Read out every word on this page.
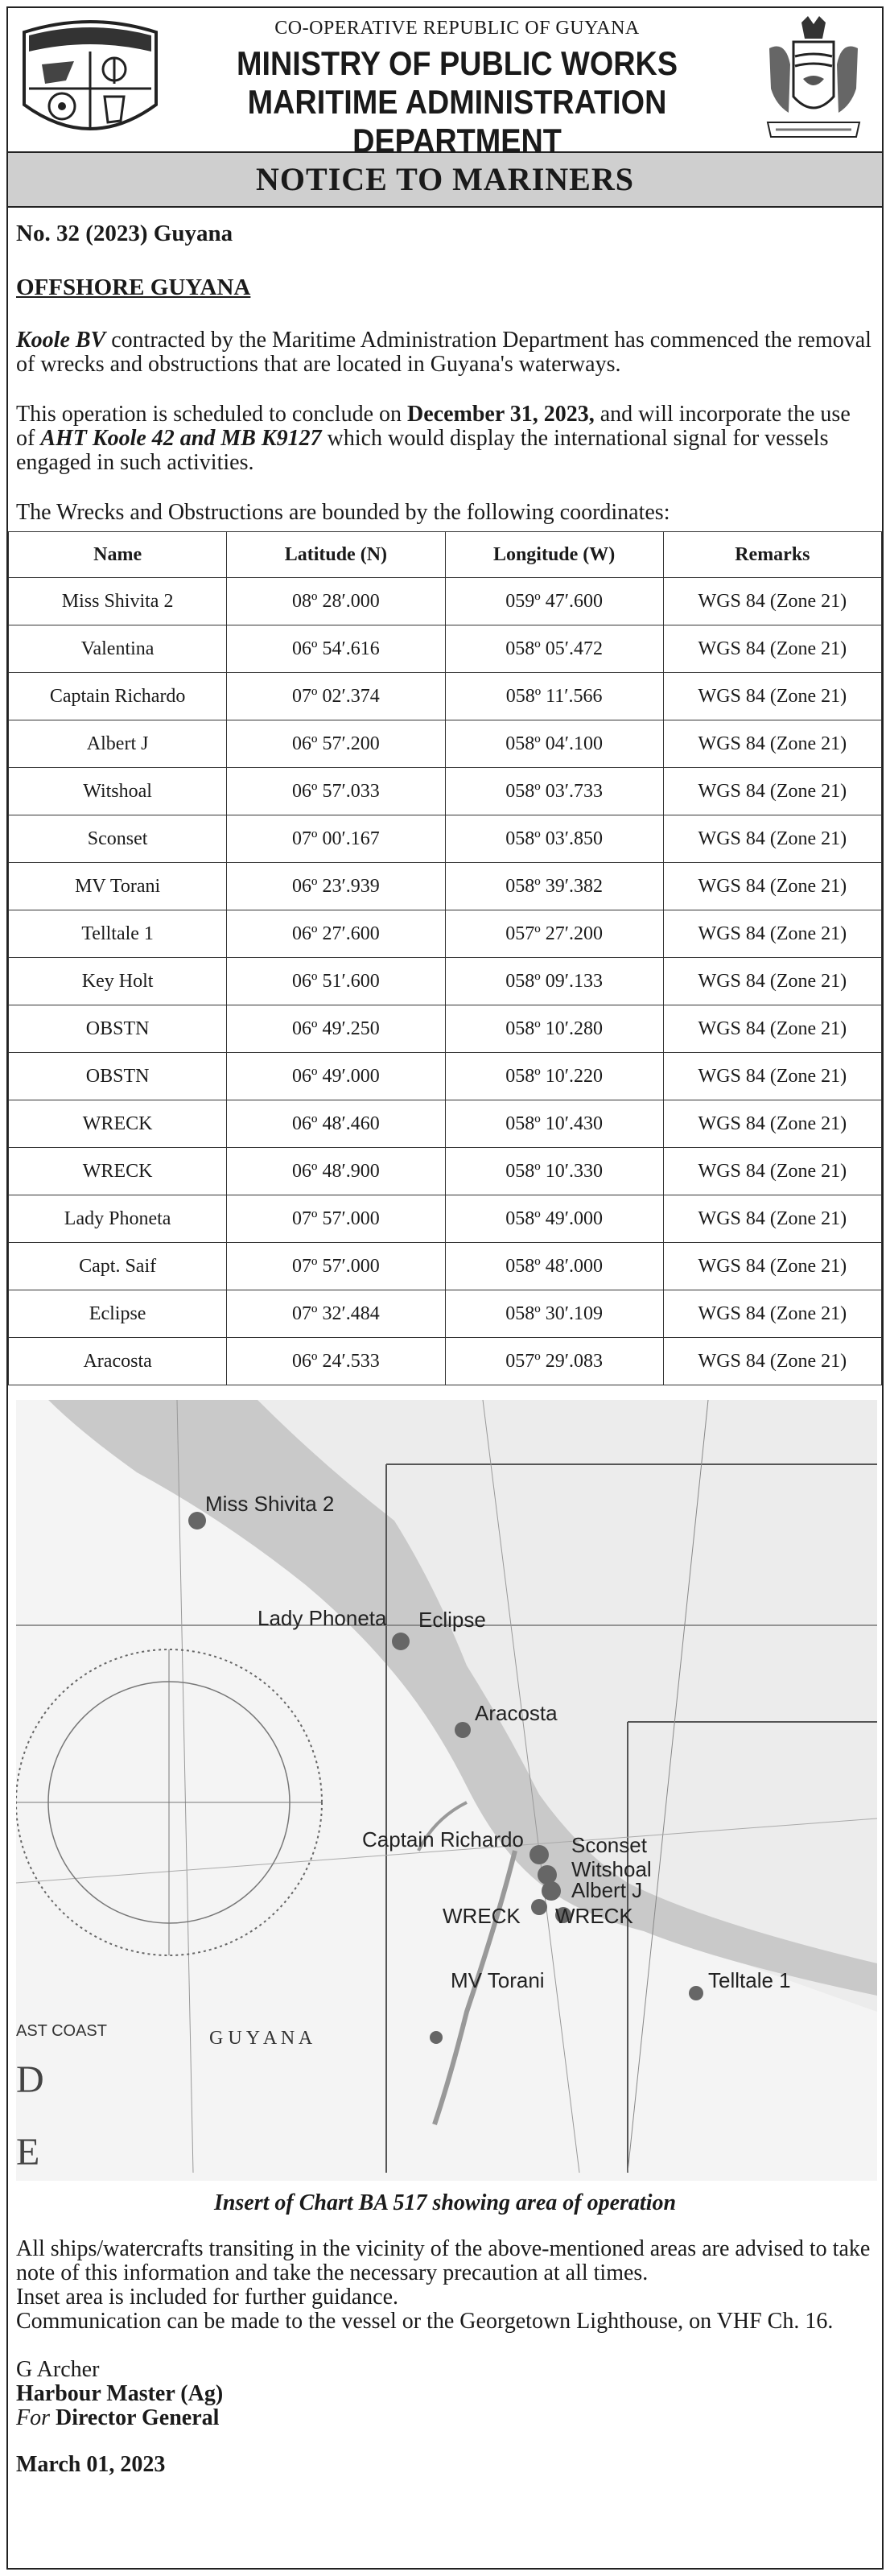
CO-OPERATIVE REPUBLIC OF GUYANA
MINISTRY OF PUBLIC WORKS
MARITIME ADMINISTRATION DEPARTMENT
NOTICE TO MARINERS
No. 32 (2023) Guyana
OFFSHORE GUYANA
Koole BV contracted by the Maritime Administration Department has commenced the removal of wrecks and obstructions that are located in Guyana's waterways.
This operation is scheduled to conclude on December 31, 2023, and will incorporate the use of AHT Koole 42 and MB K9127 which would display the international signal for vessels engaged in such activities.
The Wrecks and Obstructions are bounded by the following coordinates:
Name	Latitude (N)	Longitude (W)	Remarks
Miss Shivita 2	08º 28′.000	059º 47′.600	WGS 84 (Zone 21)
Valentina	06º 54′.616	058º 05′.472	WGS 84 (Zone 21)
Captain Richardo	07º 02′.374	058º 11′.566	WGS 84 (Zone 21)
Albert J	06º 57′.200	058º 04′.100	WGS 84 (Zone 21)
Witshoal	06º 57′.033	058º 03′.733	WGS 84 (Zone 21)
Sconset	07º 00′.167	058º 03′.850	WGS 84 (Zone 21)
MV Torani	06º 23′.939	058º 39′.382	WGS 84 (Zone 21)
Telltale 1	06º 27′.600	057º 27′.200	WGS 84 (Zone 21)
Key Holt	06º 51′.600	058º 09′.133	WGS 84 (Zone 21)
OBSTN	06º 49′.250	058º 10′.280	WGS 84 (Zone 21)
OBSTN	06º 49′.000	058º 10′.220	WGS 84 (Zone 21)
WRECK	06º 48′.460	058º 10′.430	WGS 84 (Zone 21)
WRECK	06º 48′.900	058º 10′.330	WGS 84 (Zone 21)
Lady Phoneta	07º 57′.000	058º 49′.000	WGS 84 (Zone 21)
Capt. Saif	07º 57′.000	058º 48′.000	WGS 84 (Zone 21)
Eclipse	07º 32′.484	058º 30′.109	WGS 84 (Zone 21)
Aracosta	06º 24′.533	057º 29′.083	WGS 84 (Zone 21)
Miss Shivita 2
Lady Phoneta Eclipse
Aracosta
Captain Richardo Sconset
Witshoal
Albert J
WRECK WRECK
MV Torani	Telltale 1
AST COAST	G U Y A N A
D
E
Insert of Chart BA 517 showing area of operation
All ships/watercrafts transiting in the vicinity of the above-mentioned areas are advised to take note of this information and take the necessary precaution at all times.
Inset area is included for further guidance.
Communication can be made to the vessel or the Georgetown Lighthouse, on VHF Ch. 16.
G Archer
Harbour Master (Ag)
For Director General
March 01, 2023
